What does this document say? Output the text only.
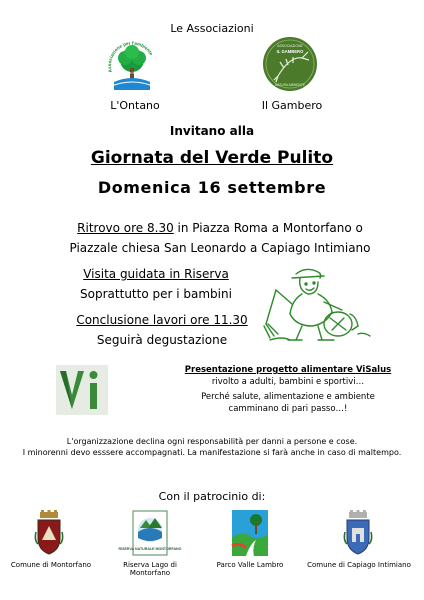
Le Associazioni
Associazione per l'ambiente
Ontano Italiano
L'Ontano
ASSOCIAZIONE
IL GAMBERO
NATURA AMBIENTE
Il Gambero
Invitano alla
Giornata del Verde Pulito
Domenica 16 settembre
Ritrovo ore 8.30 in Piazza Roma a Montorfano o
Piazzale chiesa San Leonardo a Capiago Intimiano
Visita guidata in Riserva
Soprattutto per i bambini
Conclusione lavori ore 11.30
Seguirà degustazione
Presentazione progetto alimentare ViSalus
rivolto a adulti, bambini e sportivi…
Perché salute, alimentazione e ambiente
camminano di pari passo…!
L'organizzazione declina ogni responsabilità per danni a persone e cose.
I minorenni devo esssere accompagnati. La manifestazione si farà anche in caso di maltempo.
Con il patrocinio di:
Comune di Montorfano
RISERVA NATURALE MONTORFANO
Riserva Lago di Montorfano
Parco Valle Lambro	Comune di Capiago Intimiano
